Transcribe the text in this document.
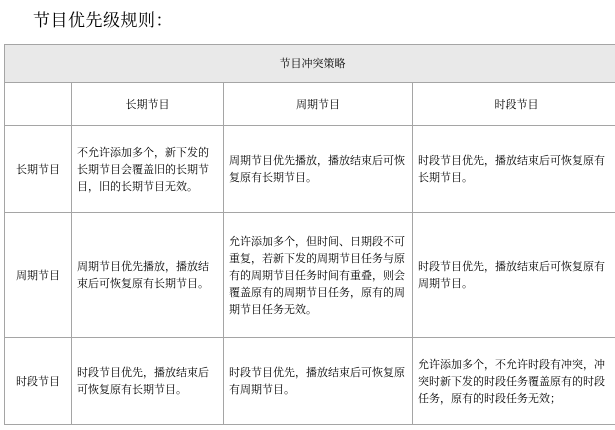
节目优先级规则：
节目冲突策略			
	长期节目	周期节目	时段节目
长期节目	不允许添加多个，新下发的长期节目会覆盖旧的长期节目，旧的长期节目无效。	周期节目优先播放，播放结束后可恢复原有长期节目。	时段节目优先，播放结束后可恢复原有长期节目。
周期节目	周期节目优先播放，播放结束后可恢复原有长期节目。	允许添加多个，但时间、日期段不可重复，若新下发的周期节目任务与原有的周期节目任务时间有重叠，则会覆盖原有的周期节目任务，原有的周期节目任务无效。	时段节目优先，播放结束后可恢复原有周期节目。
时段节目	时段节目优先，播放结束后可恢复原有长期节目。	时段节目优先，播放结束后可恢复原有周期节目。	允许添加多个，不允许时段有冲突，冲突时新下发的时段任务覆盖原有的时段任务，原有的时段任务无效；
